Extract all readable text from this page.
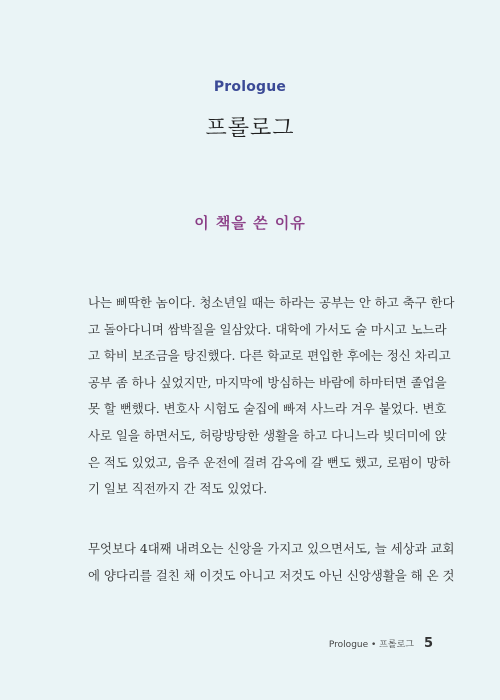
Prologue
프롤로그
이 책을 쓴 이유
나는 삐딱한 놈이다. 청소년일 때는 하라는 공부는 안 하고 축구 한다
고 돌아다니며 쌈박질을 일삼았다. 대학에 가서도 술 마시고 노느라
고 학비 보조금을 탕진했다. 다른 학교로 편입한 후에는 정신 차리고
공부 좀 하나 싶었지만, 마지막에 방심하는 바람에 하마터면 졸업을
못 할 뻔했다. 변호사 시험도 술집에 빠져 사느라 겨우 붙었다. 변호
사로 일을 하면서도, 허랑방탕한 생활을 하고 다니느라 빚더미에 앉
은 적도 있었고, 음주 운전에 걸려 감옥에 갈 뻔도 했고, 로펌이 망하
기 일보 직전까지 간 적도 있었다.
무엇보다 4대째 내려오는 신앙을 가지고 있으면서도, 늘 세상과 교회
에 양다리를 걸친 채 이것도 아니고 저것도 아닌 신앙생활을 해 온 것
Prologue • 프롤로그 5
